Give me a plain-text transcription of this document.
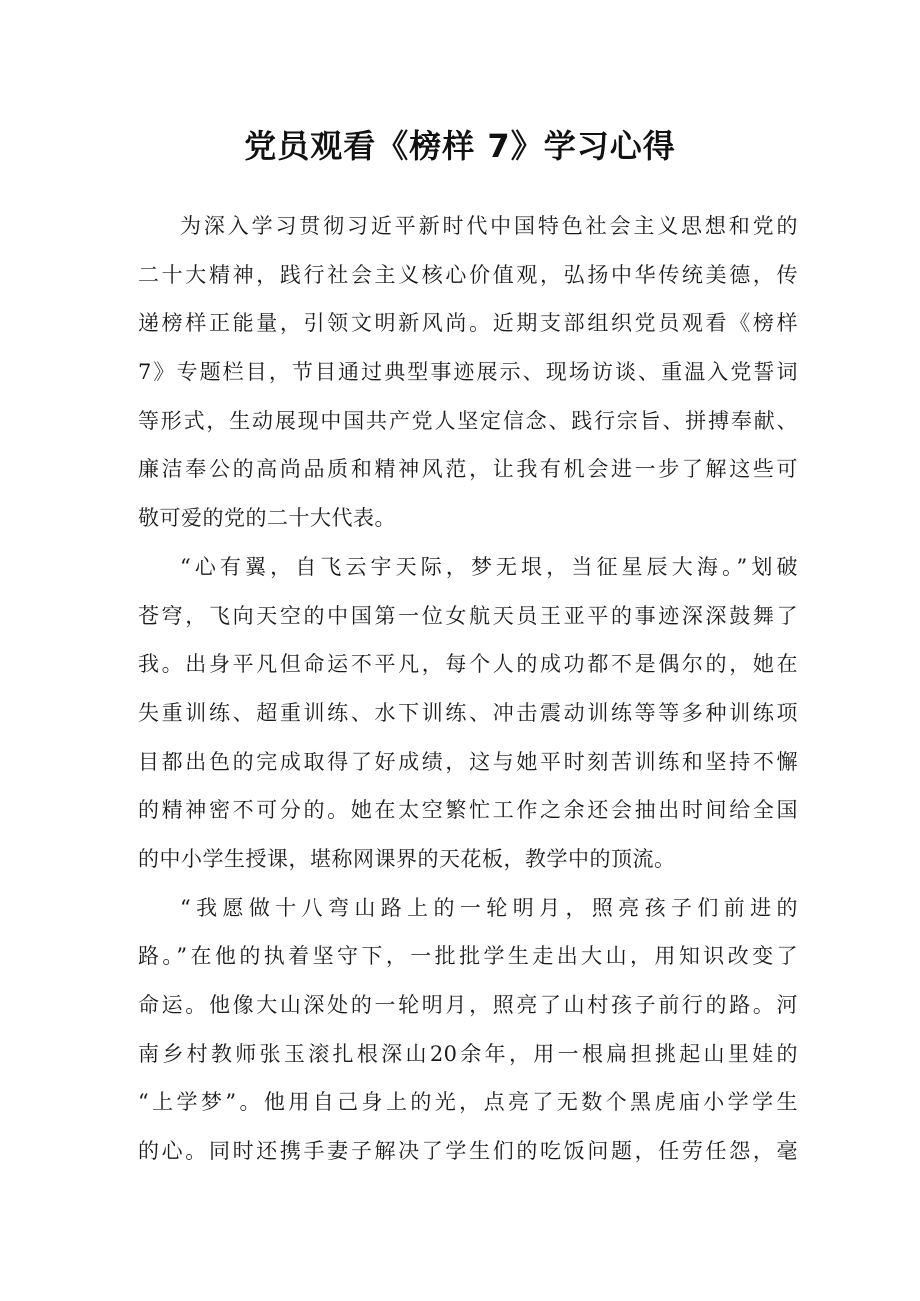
党员观看《榜样 7》学习心得
为深入学习贯彻习近平新时代中国特色社会主义思想和党的
二十大精神，践行社会主义核心价值观，弘扬中华传统美德，传
递榜样正能量，引领文明新风尚。近期支部组织党员观看《榜样
7》专题栏目，节目通过典型事迹展示、现场访谈、重温入党誓词
等形式，生动展现中国共产党人坚定信念、践行宗旨、拼搏奉献、
廉洁奉公的高尚品质和精神风范，让我有机会进一步了解这些可
敬可爱的党的二十大代表。
“心有翼，自飞云宇天际，梦无垠，当征星辰大海。”划破
苍穹，飞向天空的中国第一位女航天员王亚平的事迹深深鼓舞了
我。出身平凡但命运不平凡，每个人的成功都不是偶尔的，她在
失重训练、超重训练、水下训练、冲击震动训练等等多种训练项
目都出色的完成取得了好成绩，这与她平时刻苦训练和坚持不懈
的精神密不可分的。她在太空繁忙工作之余还会抽出时间给全国
的中小学生授课，堪称网课界的天花板，教学中的顶流。
“我愿做十八弯山路上的一轮明月，照亮孩子们前进的
路。”在他的执着坚守下，一批批学生走出大山，用知识改变了
命运。他像大山深处的一轮明月，照亮了山村孩子前行的路。河
南乡村教师张玉滚扎根深山20余年，用一根扁担挑起山里娃的
“上学梦”。他用自己身上的光，点亮了无数个黑虎庙小学学生
的心。同时还携手妻子解决了学生们的吃饭问题，任劳任怨，毫
